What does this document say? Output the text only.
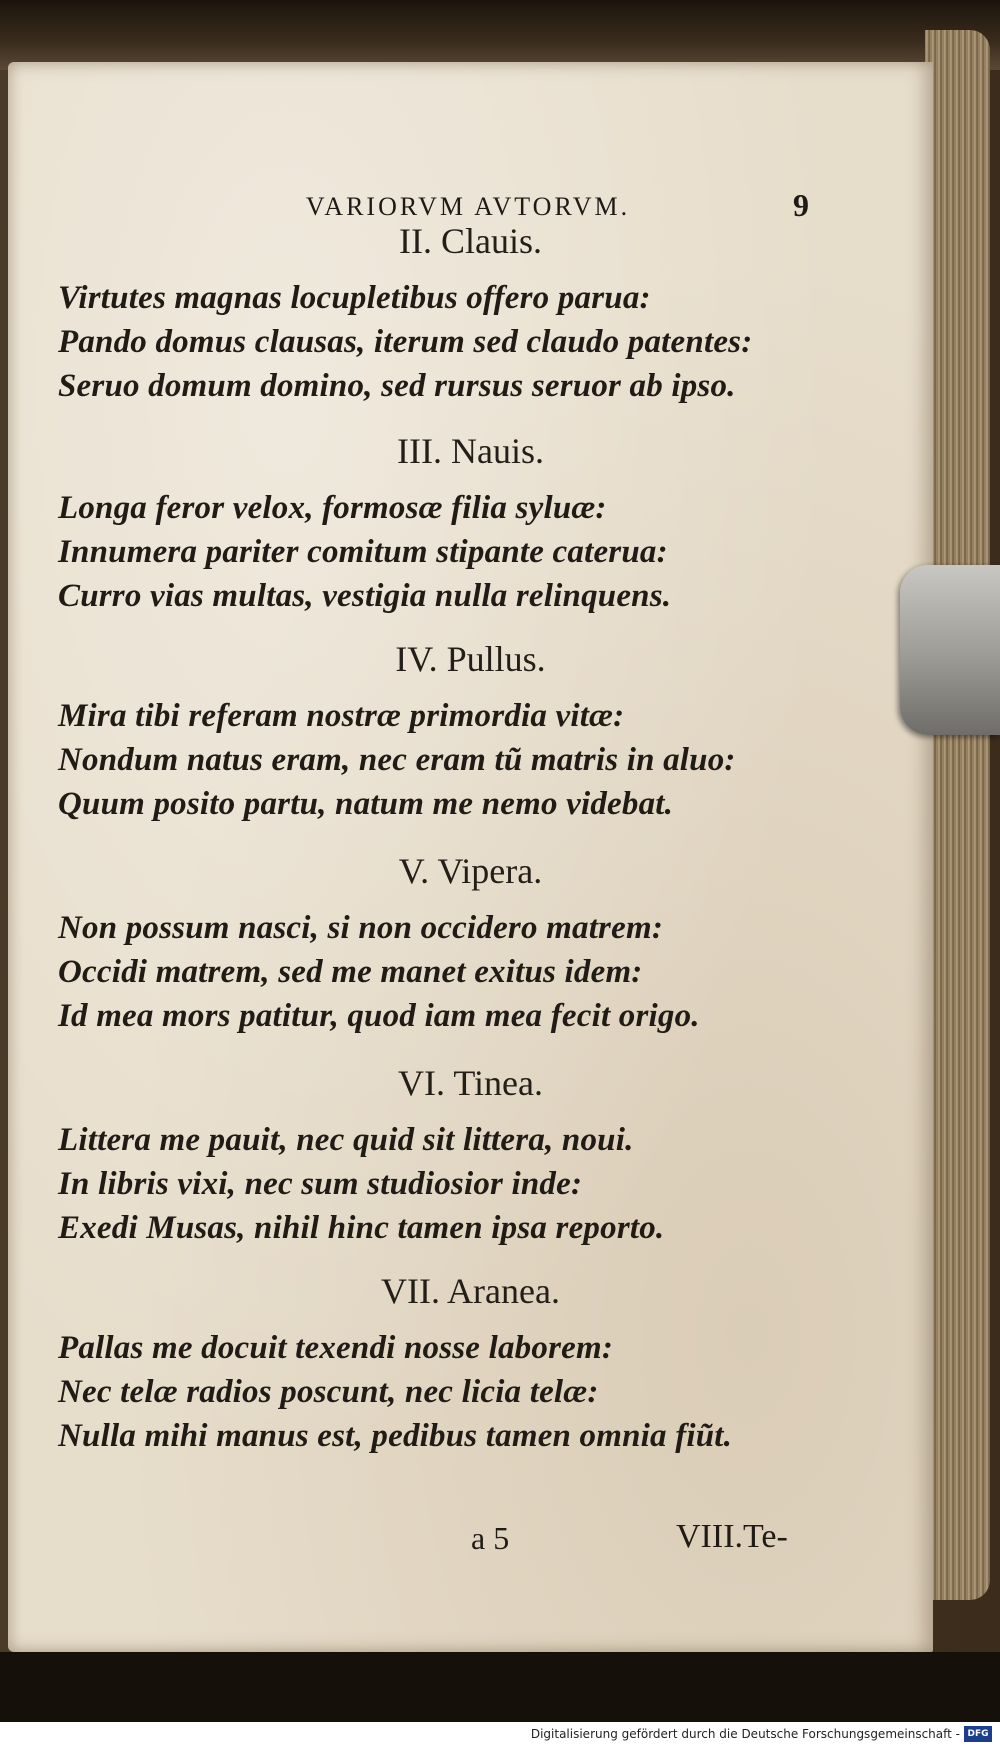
VARIORVM AVTORVM.	9
II. Clauis.
Virtutes magnas locupletibus offero parua:
Pando domus clausas, iterum sed claudo patentes:
Seruo domum domino, sed rursus seruor ab ipso.
III. Nauis.
Longa feror velox, formosæ filia syluæ:
Innumera pariter comitum stipante caterua:
Curro vias multas, vestigia nulla relinquens.
IV. Pullus.
Mira tibi referam nostræ primordia vitæ:
Nondum natus eram, nec eram tũ matris in aluo:
Quum posito partu, natum me nemo videbat.
V. Vipera.
Non possum nasci, si non occidero matrem:
Occidi matrem, sed me manet exitus idem:
Id mea mors patitur, quod iam mea fecit origo.
VI. Tinea.
Littera me pauit, nec quid sit littera, noui.
In libris vixi, nec sum studiosior inde:
Exedi Musas, nihil hinc tamen ipsa reporto.
VII. Aranea.
Pallas me docuit texendi nosse laborem:
Nec telæ radios poscunt, nec licia telæ:
Nulla mihi manus est, pedibus tamen omnia fiũt.
a 5	VIII.Te-
Digitalisierung gefördert durch die Deutsche Forschungsgemeinschaft - DFG
